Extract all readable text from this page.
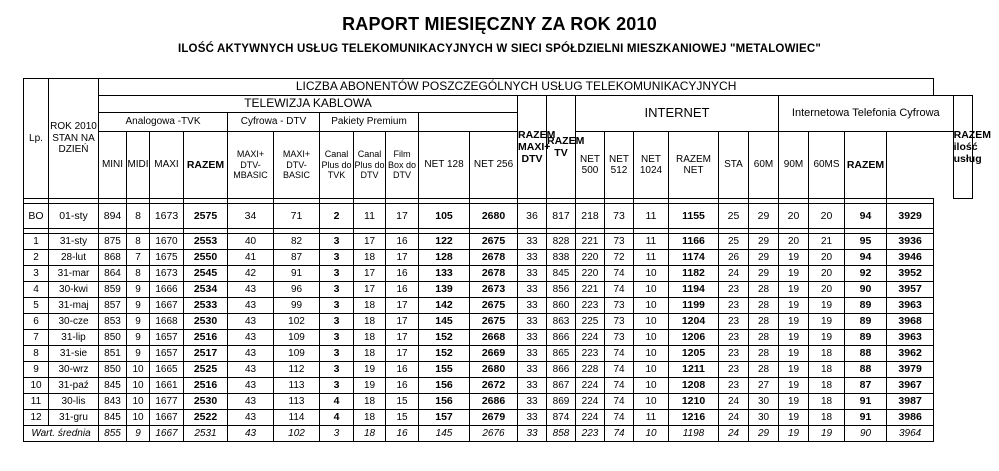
RAPORT MIESIĘCZNY ZA ROK 2010
ILOŚĆ AKTYWNYCH USŁUG TELEKOMUNIKACYJNYCH W SIECI SPÓŁDZIELNI MIESZKANIOWEJ "METALOWIEC"
Lp.	ROK 2010 STAN NA DZIEŃ	LICZBA ABONENTÓW POSZCZEGÓLNYCH USŁUG TELEKOMUNIKACYJNYCH																							
		TELEWIZJA KABLOWA											RAZEM MAXI+ DTV	RAZEM TV	INTERNET						Internetowa Telefonia Cyfrowa				RAZEM ilość usług
		Analogowa -TVK				Cyfrowa - DTV		Pakiety Premium																	
		MINI	MIDI	MAXI	RAZEM	MAXI+ DTV-MBASIC	MAXI+ DTV-BASIC	Canal Plus do TVK	Canal Plus do DTV	Film Box do DTV	NET 128	NET 256			NET 500	NET 512	NET 1024	RAZEM NET	STA	60M	90M	60MS	RAZEM		

BO	01-sty	894	8	1673	2575	34	71	2	11	17	105	2680	36	817	218	73	11	1155	25	29	20	20	94	3929	

1	31-sty	875	8	1670	2553	40	82	3	17	16	122	2675	33	828	221	73	11	1166	25	29	20	21	95	3936	
2	28-lut	868	7	1675	2550	41	87	3	18	17	128	2678	33	838	220	72	11	1174	26	29	19	20	94	3946	
3	31-mar	864	8	1673	2545	42	91	3	17	16	133	2678	33	845	220	74	10	1182	24	29	19	20	92	3952	
4	30-kwi	859	9	1666	2534	43	96	3	17	16	139	2673	33	856	221	74	10	1194	23	28	19	20	90	3957	
5	31-maj	857	9	1667	2533	43	99	3	18	17	142	2675	33	860	223	73	10	1199	23	28	19	19	89	3963	
6	30-cze	853	9	1668	2530	43	102	3	18	17	145	2675	33	863	225	73	10	1204	23	28	19	19	89	3968	
7	31-lip	850	9	1657	2516	43	109	3	18	17	152	2668	33	866	224	73	10	1206	23	28	19	19	89	3963	
8	31-sie	851	9	1657	2517	43	109	3	18	17	152	2669	33	865	223	74	10	1205	23	28	19	18	88	3962	
9	30-wrz	850	10	1665	2525	43	112	3	19	16	155	2680	33	866	228	74	10	1211	23	28	19	18	88	3979	
10	31-paź	845	10	1661	2516	43	113	3	19	16	156	2672	33	867	224	74	10	1208	23	27	19	18	87	3967	
11	30-lis	843	10	1677	2530	43	113	4	18	15	156	2686	33	869	224	74	10	1210	24	30	19	18	91	3987	
12	31-gru	845	10	1667	2522	43	114	4	18	15	157	2679	33	874	224	74	11	1216	24	30	19	18	91	3986	
Wart. średnia		855	9	1667	2531	43	102	3	18	16	145	2676	33	858	223	74	10	1198	24	29	19	19	90	3964	
